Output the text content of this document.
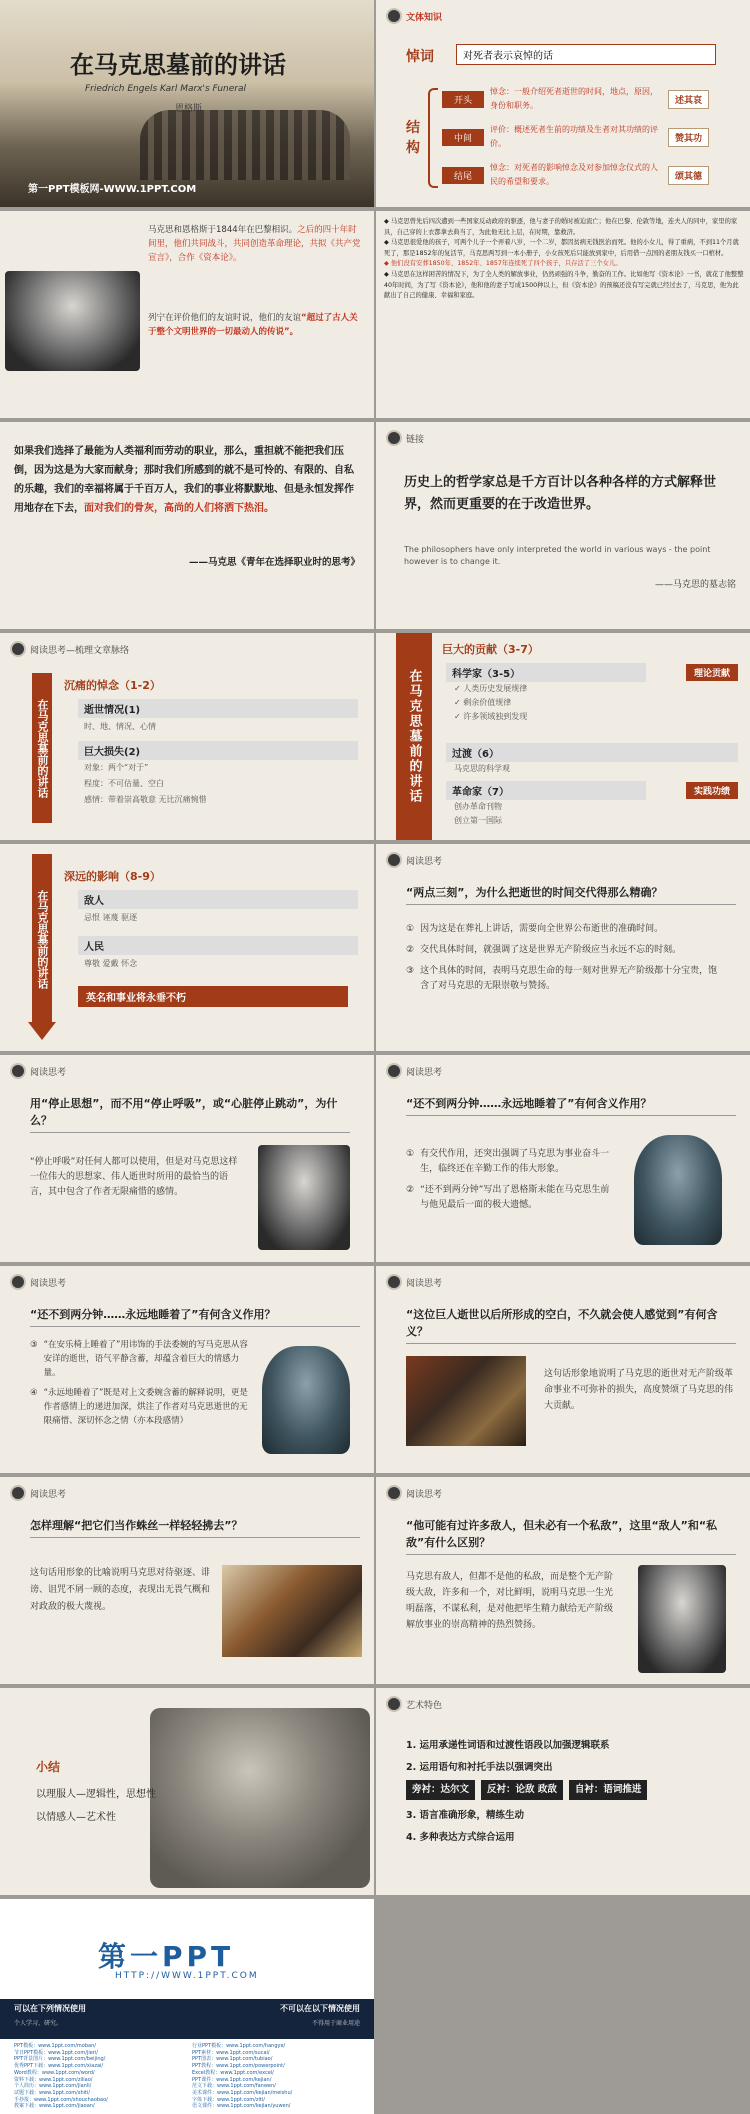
在马克思墓前的讲话
Friedrich Engels Karl Marx's Funeral
恩格斯
第一PPT模板网-WWW.1PPT.COM
文体知识
悼词	对死者表示哀悼的话
结构
开头
悼念：一般介绍死者逝世的时间，地点，原因，身份和职务。	述其哀
中间
评价：概述死者生前的功绩及生者对其功绩的评价。	赞其功
结尾
悼念：对死者的影响悼念及对参加悼念仪式的人民的希望和要求。	颂其德
马克思和恩格斯于1844年在巴黎相识。之后的四十年时间里，他们共同战斗，共同创造革命理论，共拟《共产党宣言》，合作《资本论》。
列宁在评价他们的友谊时说，他们的友谊“超过了古人关于整个文明世界的一切最动人的传说”。
◆ 马克思曾先后四次遭到一些国家反动政府的驱逐，他与妻子的婚时被迫流亡；他在巴黎、伦敦等地，连夫人的同中，家里的家具，自己穿的上衣都拿去典当了，为此他无比上层，在时期，靠救济。
◆ 马克思很爱他的孩子，可两个儿子一个弄着八岁，一个二岁，都因贫病无钱医治而死。他的小女儿，得了重病，不到11个月就死了，那是1852年的复活节，马克思两写到一本小册子，小女孩死后只能放到家中，后用借一点国的老朋友钱买一口棺材。
◆ 他们没有安葬1850年、1852年、1857年连续死了四个孩子，只存活了三个女儿。
◆ 马克思在这样困苦的情况下，为了全人类的解放事业，仍然顽强的斗争，勤奋的工作。比如他写《资本论》一书，就花了他整整40年时间，为了写《资本论》，他和他的妻子写成1500种以上，但《资本论》的预稿还没有写完就已经过去了，马克思，他为此献出了自己的健康、幸福和家庭。
如果我们选择了最能为人类福利而劳动的职业，那么，重担就不能把我们压倒，因为这是为大家而献身；那时我们所感到的就不是可怜的、有限的、自私的乐趣，我们的幸福将属于千百万人，我们的事业将默默地、但是永恒发挥作用地存在下去，面对我们的骨灰，高尚的人们将洒下热泪。
——马克思《青年在选择职业时的思考》
链接
历史上的哲学家总是千方百计以各种各样的方式解释世界，然而更重要的在于改造世界。
The philosophers have only interpreted the world in various ways - the point however is to change it.
——马克思的墓志铭
阅读思考—梳理文章脉络
在马克思墓前的讲话
沉痛的悼念（1-2）
逝世情况(1)
时、地、情况、心情
巨大损失(2)
对象：两个“对于”
程度：不可估量、空白
感情：带着崇高敬意 无比沉痛惋惜	在马克思墓前的讲话
巨大的贡献（3-7）
科学家（3-5）	理论贡献
✓ 人类历史发展规律
✓ 剩余价值规律
✓ 许多领域独到发现
过渡（6）
马克思的科学观
革命家（7）	实践功绩
创办革命刊物
创立第一国际
在马克思墓前的讲话
深远的影响（8-9）
敌人
忌恨 诬蔑 驱逐
人民
尊敬 爱戴 怀念
英名和事业将永垂不朽
阅读思考
“两点三刻”，为什么把逝世的时间交代得那么精确？
① 因为这是在葬礼上讲话，需要向全世界公布逝世的准确时间。
② 交代具体时间，就强调了这是世界无产阶级应当永远不忘的时刻。
③ 这个具体的时间，表明马克思生命的每一刻对世界无产阶级都十分宝贵，饱含了对马克思的无限崇敬与赞扬。
阅读思考
用“停止思想”，而不用“停止呼吸”，或“心脏停止跳动”，为什么？
“停止呼吸”对任何人都可以使用，但是对马克思这样一位伟大的思想家、伟人逝世时所用的最恰当的语言，其中包含了作者无限痛惜的感情。
阅读思考
“还不到两分钟……永远地睡着了”有何含义作用？
① 有交代作用，还突出强调了马克思为事业奋斗一生，临终还在辛勤工作的伟大形象。
② “还不到两分钟”写出了恩格斯未能在马克思生前与他见最后一面的极大遗憾。
阅读思考
“还不到两分钟……永远地睡着了”有何含义作用？
③ “在安乐椅上睡着了”用讳饰的手法委婉的写马克思从容安详的逝世，语气平静含蓄，却蕴含着巨大的情感力量。
④ “永远地睡着了”既是对上文委婉含蓄的解释说明，更是作者感情上的递进加深，烘注了作者对马克思逝世的无限痛惜、深切怀念之情（亦本段感情）
阅读思考
“这位巨人逝世以后所形成的空白，不久就会使人感觉到”有何含义？
这句话形象地说明了马克思的逝世对无产阶级革命事业不可弥补的损失，高度赞颂了马克思的伟大贡献。
阅读思考
怎样理解“把它们当作蛛丝一样轻轻拂去”？
这句话用形象的比喻说明马克思对待驱逐、诽谤、诅咒不屑一顾的态度，表现出无畏气概和对政敌的极大蔑视。
阅读思考
“他可能有过许多敌人，但未必有一个私敌”，这里“敌人”和“私敌”有什么区别？
马克思有敌人，但都不是他的私敌，而是整个无产阶级大敌，许多和一个，对比鲜明，说明马克思一生光明磊落，不谋私利，是对他把毕生精力献给无产阶级解放事业的崇高精神的热烈赞扬。
小结
以理服人—逻辑性，思想性
以情感人—艺术性
艺术特色
1. 运用承递性词语和过渡性语段以加强逻辑联系
2. 运用语句和衬托手法以强调突出
旁衬：达尔文	反衬：论敌 政敌	自衬：语词推进
3. 语言准确形象，精练生动
4. 多种表达方式综合运用
第一PPT
HTTP://WWW.1PPT.COM
可以在下列情况使用	不可以在以下情况使用
个人学习、研究。	不得用于商业用途
PPT模板：www.1ppt.com/moban/
节日PPT模板：www.1ppt.com/jieri/
PPT背景图片：www.1ppt.com/beijing/
优秀PPT下载：www.1ppt.com/xiazai/
Word教程：www.1ppt.com/word/
资料下载：www.1ppt.com/ziliao/
个人简历：www.1ppt.com/jianli/
试题下载：www.1ppt.com/shiti/
手抄报：www.1ppt.com/shouchaobao/
教案下载：www.1ppt.com/jiaoan/
行业PPT模板：www.1ppt.com/hangye/
PPT素材：www.1ppt.com/sucai/
PPT图表：www.1ppt.com/tubiao/
PPT教程：www.1ppt.com/powerpoint/
Excel教程：www.1ppt.com/excel/
PPT课件：www.1ppt.com/kejian/
范文下载：www.1ppt.com/fanwen/
美术课件：www.1ppt.com/kejian/meishu/
字体下载：www.1ppt.com/ziti/
语文课件：www.1ppt.com/kejian/yuwen/
